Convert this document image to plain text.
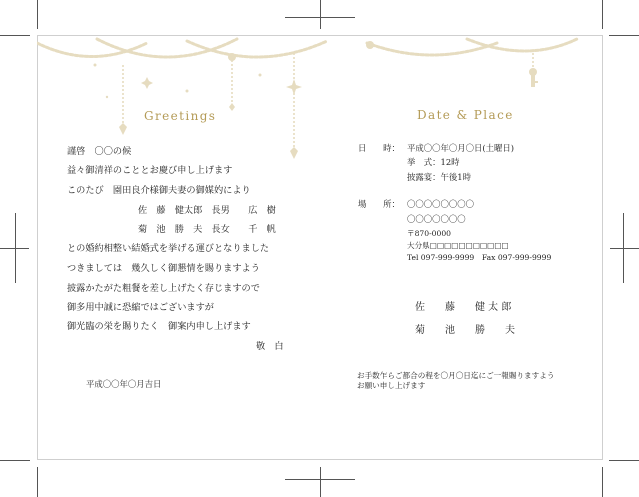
Greetings
謹啓　〇〇の候
益々御清祥のこととお慶び申し上げます
このたび　園田良介様御夫妻の御媒妁により
佐　藤　健太郎　長男　　広　樹
菊　池　勝　夫　長女　　千　帆
との婚約相整い結婚式を挙げる運びとなりました
つきましては　幾久しく御懇情を賜りますよう
披露かたがた粗餐を差し上げたく存じますので
御多用中誠に恐縮ではございますが
御光臨の栄を賜りたく　御案内申し上げます
敬　白
平成〇〇年〇月吉日
Date & Place
日　　時： 平成〇〇年〇月〇日(土曜日)
挙　式：12時
披露宴：午後1時
場　　所： 〇〇〇〇〇〇〇〇
〇〇〇〇〇〇〇
〒870-0000
大分県□□□□□□□□□□□
Tel 097-999-9999　Fax 097-999-9999
佐　　藤　　健 太 郎
菊　　池　　勝　　夫
お手数乍らご都合の程を〇月〇日迄にご一報賜りますよう
お願い申し上げます
